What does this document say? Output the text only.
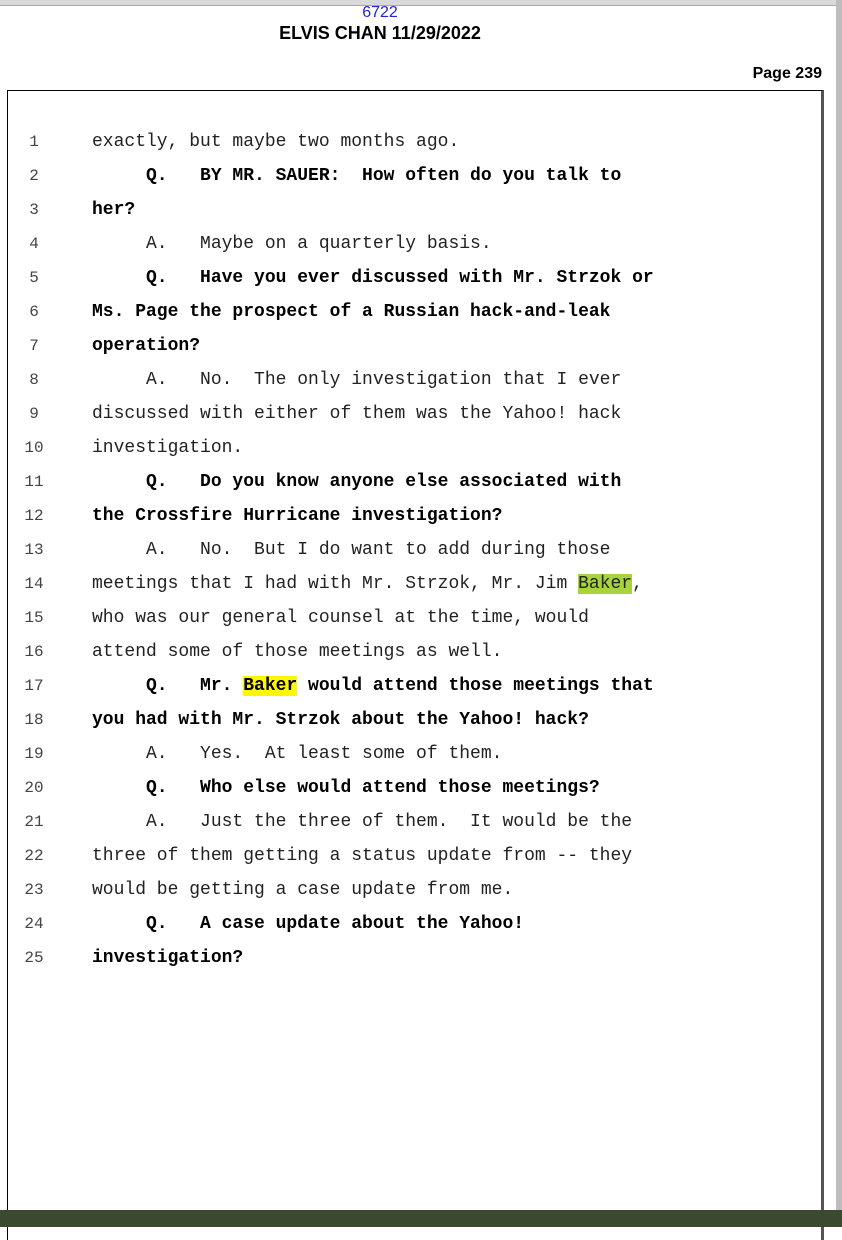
6722
ELVIS CHAN 11/29/2022
Page 239
1	exactly, but maybe two months ago.
2	Q.   BY MR. SAUER:  How often do you talk to
3	her?
4	A.   Maybe on a quarterly basis.
5	Q.   Have you ever discussed with Mr. Strzok or
6	Ms. Page the prospect of a Russian hack-and-leak
7	operation?
8	A.   No.  The only investigation that I ever
9	discussed with either of them was the Yahoo! hack
10	investigation.
11	Q.   Do you know anyone else associated with
12	the Crossfire Hurricane investigation?
13	A.   No.  But I do want to add during those
14	meetings that I had with Mr. Strzok, Mr. Jim Baker,
15	who was our general counsel at the time, would
16	attend some of those meetings as well.
17	Q.   Mr. Baker would attend those meetings that
18	you had with Mr. Strzok about the Yahoo! hack?
19	A.   Yes.  At least some of them.
20	Q.   Who else would attend those meetings?
21	A.   Just the three of them.  It would be the
22	three of them getting a status update from -- they
23	would be getting a case update from me.
24	Q.   A case update about the Yahoo!
25	investigation?
